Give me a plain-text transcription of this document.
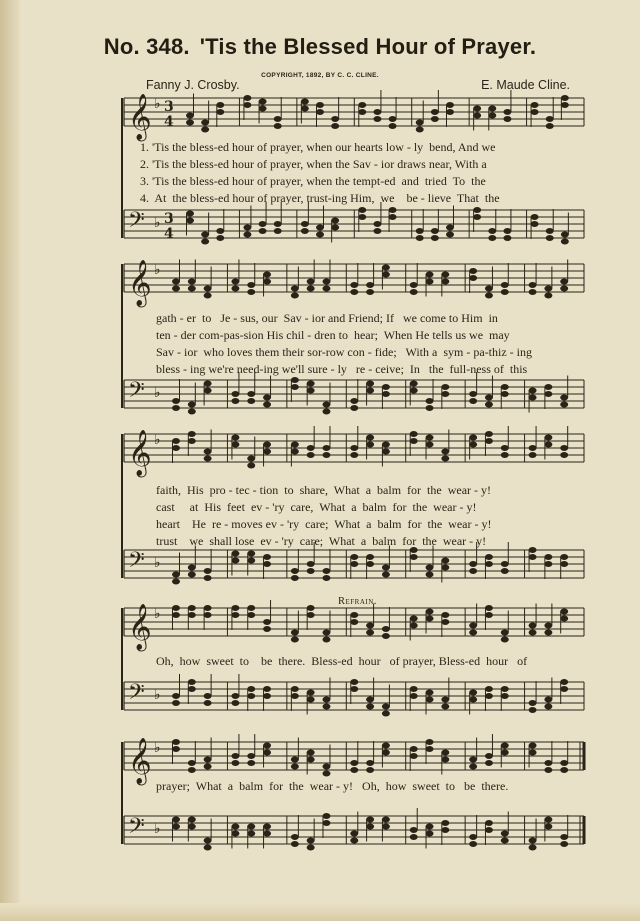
No. 348. 'Tis the Blessed Hour of Prayer.
COPYRIGHT, 1892, BY C. C. CLINE.
Fanny J. Crosby.	E. Maude Cline.
𝄞 ♭ 3
4
𝄢 ♭ 3
4
𝄞 ♭
𝄢 ♭
𝄞 ♭
𝄢 ♭
𝄞 ♭
𝄢 ♭
𝄞 ♭
𝄢 ♭
1. 'Tis the bless-ed hour of prayer, when our hearts low - ly  bend, And we
2. 'Tis the bless-ed hour of prayer, when the Sav - ior draws near, With a
3. 'Tis the bless-ed hour of prayer, when the tempt-ed  and  tried  To  the
4.  At  the bless-ed hour of prayer, trust-ing Him,  we    be - lieve  That  the
gath - er  to   Je - sus, our  Sav - ior and Friend; If   we come to Him  in
ten - der com-pas-sion His chil - dren to  hear;  When He tells us we  may
Sav - ior  who loves them their sor-row con - fide;   With a  sym - pa-thiz - ing
bless - ing we're need-ing we'll sure - ly   re - ceive;  In   the  full-ness of  this
faith,  His  pro - tec - tion  to  share,  What  a  balm  for  the  wear - y!
cast     at  His  feet  ev - 'ry  care,  What  a  balm  for  the  wear - y!
heart    He  re - moves ev - 'ry  care;  What  a  balm  for  the  wear - y!
trust    we  shall lose  ev - 'ry  care;  What  a  balm  for  the  wear - y!
Refrain.
Oh,  how  sweet  to    be  there.  Bless-ed  hour   of prayer, Bless-ed  hour   of
prayer;  What  a  balm  for  the  wear - y!   Oh,  how  sweet  to   be  there.
